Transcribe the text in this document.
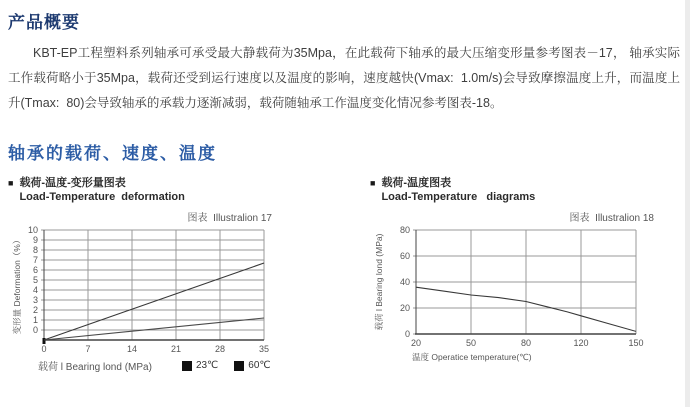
产品概要
KBT-EP工程塑料系列轴承可承受最大静载荷为35Mpa，在此载荷下轴承的最大压缩变形量参考图表－17， 轴承实际工作载荷略小于35Mpa，载荷还受到运行速度以及温度的影响，速度越快(Vmax:  1.0m/s)会导致摩擦温度上升，而温度上升(Tmax:  80)会导致轴承的承载力逐渐减弱，载荷随轴承工作温度变化情况参考图表-18。
轴承的载荷、速度、温度
■ 载荷-温度-变形量图表
Load-Temperature  deformation
图表  Illustralion 17
0
1
2
3
4
5
6
7
8
9
10
0	7	14	21	28	35
变形量 Deformation（%）
载荷 l Bearing lond (MPa)	23℃	60℃
■ 载荷-温度图表
Load-Temperature   diagrams
图表  Illustralion 18
0
20
40
60
80
20	50	80	120	150
载荷 l Bearing lond (MPa)
温度 Operatice temperature(℃)
